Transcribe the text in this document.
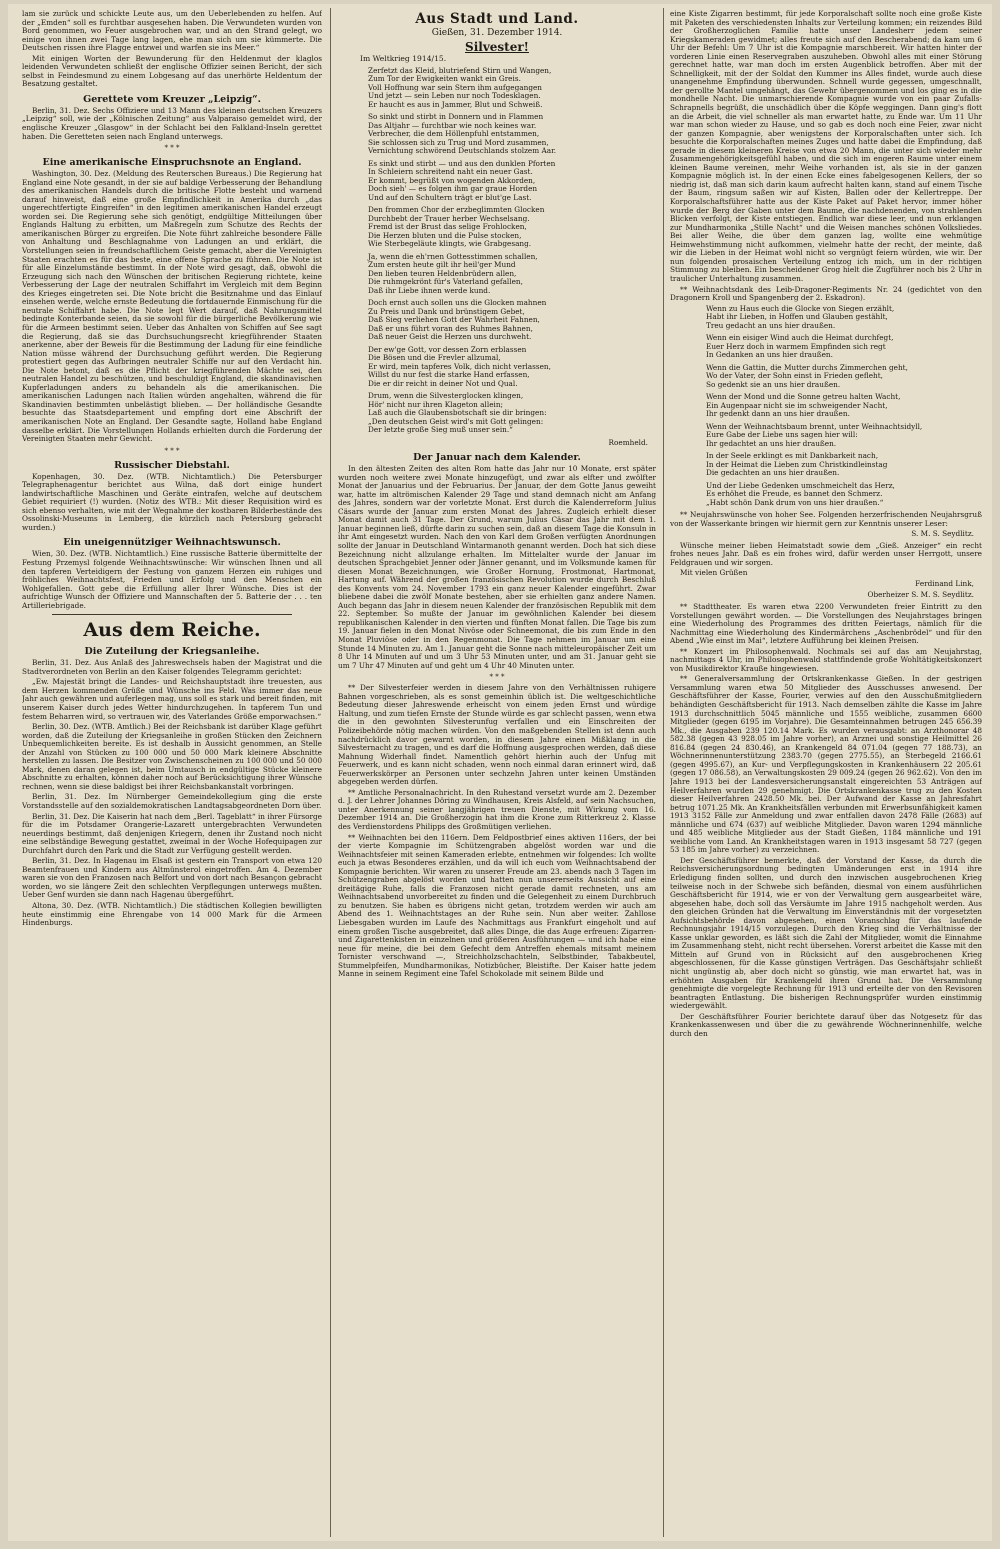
lam sie zurück und schickte Leute aus, um den Ueberlebenden zu helfen. Auf der „Emden“ soll es furchtbar ausgesehen haben. Die Verwundeten wurden von Bord genommen, wo Feuer ausgebrochen war, und an den Strand gelegt, wo einige von ihnen zwei Tage lang lagen, ehe man sich um sie kümmerte. Die Deutschen rissen ihre Flagge entzwei und warfen sie ins Meer.“

Mit einigen Worten der Bewunderung für den Heldenmut der klaglos leidenden Verwundeten schließt der englische Offizier seinen Bericht, der sich selbst in Feindesmund zu einem Lobgesang auf das unerhörte Heldentum der Besatzung gestaltet.

Gerettete vom Kreuzer „Leipzig“.

Berlin, 31. Dez. Sechs Offiziere und 13 Mann des kleinen deutschen Kreuzers „Leipzig“ soll, wie der „Kölnischen Zeitung“ aus Valparaiso gemeldet wird, der englische Kreuzer „Glasgow“ in der Schlacht bei den Falkland-Inseln gerettet haben. Die Geretteten seien nach England unterwegs.

* * *
Eine amerikanische Einspruchsnote an England.

Washington, 30. Dez. (Meldung des Reuterschen Bureaus.) Die Regierung hat England eine Note gesandt, in der sie auf baldige Verbesserung der Behandlung des amerikanischen Handels durch die britische Flotte besteht und warnend darauf hinweist, daß eine große Empfindlichkeit in Amerika durch „das ungerechtfertigte Eingreifen“ in den legitimen amerikanischen Handel erzeugt worden sei. Die Regierung sehe sich genötigt, endgültige Mitteilungen über Englands Haltung zu erbitten, um Maßregeln zum Schutze des Rechts der amerikanischen Bürger zu ergreifen. Die Note führt zahlreiche besondere Fälle von Anhaltung und Beschlagnahme von Ladungen an und erklärt, die Vorstellungen seien in freundschaftlichem Geiste gemacht, aber die Vereinigten Staaten erachten es für das beste, eine offene Sprache zu führen. Die Note ist für alle Einzelumstände bestimmt. In der Note wird gesagt, daß, obwohl die Erzeugung sich nach den Wünschen der britischen Regierung richtete, keine Verbesserung der Lage der neutralen Schiffahrt im Vergleich mit dem Beginn des Krieges eingetreten sei. Die Note bricht die Besitznahme und das Einlauf einsehen werde, welche ernste Bedeutung die fortdauernde Einmischung für die neutrale Schiffahrt habe. Die Note legt Wert darauf, daß Nahrungsmittel bedingte Konterbande seien, da sie sowohl für die bürgerliche Bevölkerung wie für die Armeen bestimmt seien. Ueber das Anhalten von Schiffen auf See sagt die Regierung, daß sie das Durchsuchungsrecht kriegführender Staaten anerkenne, aber der Beweis für die Bestimmung der Ladung für eine feindliche Nation müsse während der Durchsuchung geführt werden. Die Regierung protestiert gegen das Aufbringen neutraler Schiffe nur auf den Verdacht hin. Die Note betont, daß es die Pflicht der kriegführenden Mächte sei, den neutralen Handel zu beschützen, und beschuldigt England, die skandinavischen Kupferladungen anders zu behandeln als die amerikanischen. Die amerikanischen Ladungen nach Italien würden angehalten, während die für Skandinavien bestimmten unbelästigt blieben. — Der holländische Gesandte besuchte das Staatsdepartement und empfing dort eine Abschrift der amerikanischen Note an England. Der Gesandte sagte, Holland habe England dasselbe erklärt. Die Vorstellungen Hollands erhielten durch die Forderung der Vereinigten Staaten mehr Gewicht.

* * *
Russischer Diebstahl.

Kopenhagen, 30. Dez. (WTB. Nichtamtlich.) Die Petersburger Telegraphenagentur berichtet aus Wilna, daß dort einige hundert landwirtschaftliche Maschinen und Geräte eintrafen, welche auf deutschem Gebiet requiriert (!) wurden. (Notiz des WTB.: Mit dieser Requisition wird es sich ebenso verhalten, wie mit der Wegnahme der kostbaren Bilderbestände des Ossolinski-Museums in Lemberg, die kürzlich nach Petersburg gebracht wurden.)

Ein uneigennütziger Weihnachtswunsch.

Wien, 30. Dez. (WTB. Nichtamtlich.) Eine russische Batterie übermittelte der Festung Przemysl folgende Weihnachtswünsche: Wir wünschen Ihnen und all den tapferen Verteidigern der Festung von ganzem Herzen ein ruhiges und fröhliches Weihnachtsfest, Frieden und Erfolg und den Menschen ein Wohlgefallen. Gott gebe die Erfüllung aller Ihrer Wünsche. Dies ist der aufrichtige Wunsch der Offiziere und Mannschaften der 5. Batterie der . . . ten Artilleriebrigade.

Aus dem Reiche.
Die Zuteilung der Kriegsanleihe.

Berlin, 31. Dez. Aus Anlaß des Jahreswechsels haben der Magistrat und die Stadtverordneten von Berlin an den Kaiser folgendes Telegramm gerichtet:

„Ew. Majestät bringt die Landes- und Reichshauptstadt ihre treuesten, aus dem Herzen kommenden Grüße und Wünsche ins Feld. Was immer das neue Jahr auch gewähren und auferlegen mag, uns soll es stark und bereit finden, mit unserem Kaiser durch jedes Wetter hindurchzugehen. In tapferem Tun und festem Beharren wird, so vertrauen wir, des Vaterlandes Größe emporwachsen.“

Berlin, 30. Dez. (WTB. Amtlich.) Bei der Reichsbank ist darüber Klage geführt worden, daß die Zuteilung der Kriegsanleihe in großen Stücken den Zeichnern Unbequemlichkeiten bereite. Es ist deshalb in Aussicht genommen, an Stelle der Anzahl von Stücken zu 100 000 und 50 000 Mark kleinere Abschnitte herstellen zu lassen. Die Besitzer von Zwischenscheinen zu 100 000 und 50 000 Mark, denen daran gelegen ist, beim Umtausch in endgültige Stücke kleinere Abschnitte zu erhalten, können daher noch auf Berücksichtigung ihrer Wünsche rechnen, wenn sie diese baldigst bei ihrer Reichsbankanstalt vorbringen.

Berlin, 31. Dez. Im Nürnberger Gemeindekollegium ging die erste Vorstandsstelle auf den sozialdemokratischen Landtagsabgeordneten Dorn über.

Berlin, 31. Dez. Die Kaiserin hat nach dem „Berl. Tageblatt“ in ihrer Fürsorge für die im Potsdamer Orangerie-Lazarett untergebrachten Verwundeten neuerdings bestimmt, daß denjenigen Kriegern, denen ihr Zustand noch nicht eine selbständige Bewegung gestattet, zweimal in der Woche Hofequipagen zur Durchfahrt durch den Park und die Stadt zur Verfügung gestellt werden.

Berlin, 31. Dez. In Hagenau im Elsaß ist gestern ein Transport von etwa 120 Beamtenfrauen und Kindern aus Altmünsterol eingetroffen. Am 4. Dezember waren sie von den Franzosen nach Belfort und von dort nach Besançon gebracht worden, wo sie längere Zeit den schlechten Verpflegungen unterwegs mußten. Ueber Genf wurden sie dann nach Hagenau übergeführt.

Altona, 30. Dez. (WTB. Nichtamtlich.) Die städtischen Kollegien bewilligten heute einstimmig eine Ehrengabe von 14 000 Mark für die Armeen Hindenburgs.

Aus Stadt und Land.
Gießen, 31. Dezember 1914.
Silvester!
Im Weltkrieg 1914/15.
Zerfetzt das Kleid, blutriefend Stirn und Wangen,
Zum Tor der Ewigkeiten wankt ein Greis.
Voll Hoffnung war sein Stern ihm aufgegangen
Und jetzt — sein Leben nur noch Todesklagen.
Er haucht es aus in Jammer, Blut und Schweiß.
So sinkt und stirbt in Donnern und in Flammen
Das Altjahr — furchtbar wie noch keines war.
Verbrecher, die dem Höllenpfuhl entstammen,
Sie schlossen sich zu Trug und Mord zusammen,
Vernichtung schwörend Deutschlands stolzem Aar.
Es sinkt und stirbt — und aus den dunklen Pforten
In Schleiern schreitend naht ein neuer Gast.
Er kommt, begrüßt von wogenden Akkorden,
Doch sieh' — es folgen ihm gar graue Horden
Und auf den Schultern trägt er blut'ge Last.
Den frommen Chor der erzbeglimmten Glocken
Durchbebt der Trauer herber Wechselsang.
Fremd ist der Brust das selige Frohlocken,
Die Herzen bluten und die Pulse stocken,
Wie Sterbegeläute klingts, wie Grabgesang.
Ja, wenn die eh'rnen Gottesstimmen schallen,
Zum ersten heute gilt ihr heil'ger Mund
Den lieben teuren Heldenbrüdern allen,
Die ruhmgekrönt für's Vaterland gefallen,
Daß ihr Liebe ihnen werde kund.
Doch ernst auch sollen uns die Glocken mahnen
Zu Preis und Dank und brünstigem Gebet,
Daß Sieg verliehen Gott der Wahrheit Fahnen,
Daß er uns führt voran des Ruhmes Bahnen,
Daß neuer Geist die Herzen uns durchweht.
Der ew'ge Gott, vor dessen Zorn erblassen
Die Bösen und die Frevler allzumal,
Er wird, mein tapferes Volk, dich nicht verlassen,
Willst du nur fest die starke Hand erfassen,
Die er dir reicht in deiner Not und Qual.
Drum, wenn die Silvesterglocken klingen,
Hör' nicht nur ihren Klageton allein;
Laß auch die Glaubensbotschaft sie dir bringen:
„Den deutschen Geist wird's mit Gott gelingen:
Der letzte große Sieg muß unser sein.“
Roemheld.
Der Januar nach dem Kalender.

In den ältesten Zeiten des alten Rom hatte das Jahr nur 10 Monate, erst später wurden noch weitere zwei Monate hinzugefügt, und zwar als elfter und zwölfter Monat der Januarius und der Februarius. Der Januar, der dem Gotte Janus geweiht war, hatte im altrömischen Kalender 29 Tage und stand demnach nicht am Anfang des Jahres, sondern war der vorletzte Monat. Erst durch die Kalenderreform Julius Cäsars wurde der Januar zum ersten Monat des Jahres. Zugleich erhielt dieser Monat damit auch 31 Tage. Der Grund, warum Julius Cäsar das Jahr mit dem 1. Januar beginnen ließ, dürfte darin zu suchen sein, daß an diesem Tage die Konsuln in ihr Amt eingesetzt wurden. Nach den von Karl dem Großen verfügten Anordnungen sollte der Januar in Deutschland Wintarmanoth genannt werden. Doch hat sich diese Bezeichnung nicht allzulange erhalten. Im Mittelalter wurde der Januar im deutschen Sprachgebiet Jenner oder Jänner genannt, und im Volksmunde kamen für diesen Monat Bezeichnungen, wie Großer Hornung, Frostmonat, Hartmonat, Hartung auf. Während der großen französischen Revolution wurde durch Beschluß des Konvents vom 24. November 1793 ein ganz neuer Kalender eingeführt. Zwar bliebene dabei die zwölf Monate bestehen, aber sie erhielten ganz andere Namen. Auch begann das Jahr in diesem neuen Kalender der französischen Republik mit dem 22. September. So mußte der Januar im gewöhnlichen Kalender bei diesem republikanischen Kalender in den vierten und fünften Monat fallen. Die Tage bis zum 19. Januar fielen in den Monat Nivôse oder Schneemonat, die bis zum Ende in den Monat Pluviôse oder in den Regenmonat. Die Tage nehmen im Januar um eine Stunde 14 Minuten zu. Am 1. Januar geht die Sonne nach mitteleuropäischer Zeit um 8 Uhr 14 Minuten auf und um 3 Uhr 53 Minuten unter, und am 31. Januar geht sie um 7 Uhr 47 Minuten auf und geht um 4 Uhr 40 Minuten unter.

* * *

** Der Silvesterfeier werden in diesem Jahre von den Verhältnissen ruhigere Bahnen vorgeschrieben, als es sonst gemeinhin üblich ist. Die weltgeschichtliche Bedeutung dieser Jahreswende erheischt von einem jeden Ernst und würdige Haltung, und zum tiefen Ernste der Stunde würde es gar schlecht passen, wenn etwa die in den gewohnten Silvesterunfug verfallen und ein Einschreiten der Polizeibehörde nötig machen würden. Von den maßgebenden Stellen ist denn auch nachdrücklich davor gewarnt worden, in diesem Jahre einen Mißklang in die Silvesternacht zu tragen, und es darf die Hoffnung ausgesprochen werden, daß diese Mahnung Widerhall findet. Namentlich gehört hierhin auch der Unfug mit Feuerwerk, und es kann nicht schaden, wenn noch einmal daran erinnert wird, daß Feuerwerkskörper an Personen unter sechzehn Jahren unter keinen Umständen abgegeben werden dürfen.

** Amtliche Personalnachricht. In den Ruhestand versetzt wurde am 2. Dezember d. J. der Lehrer Johannes Döring zu Windhausen, Kreis Alsfeld, auf sein Nachsuchen, unter Anerkennung seiner langjährigen treuen Dienste, mit Wirkung vom 16. Dezember 1914 an. Die Großherzogin hat ihm die Krone zum Ritterkreuz 2. Klasse des Verdienstordens Philipps des Großmütigen verliehen.

** Weihnachten bei den 116ern. Dem Feldpostbrief eines aktiven 116ers, der bei der vierte Kompagnie im Schützengraben abgelöst worden war und die Weihnachtsfeier mit seinen Kameraden erlebte, entnehmen wir folgendes: Ich wollte euch ja etwas Besonderes erzählen, und da will ich euch vom Weihnachtsabend der Kompagnie berichten. Wir waren zu unserer Freude am 23. abends nach 3 Tagen im Schützengraben abgelöst worden und hatten nun unsererseits Aussicht auf eine dreitägige Ruhe, falls die Franzosen nicht gerade damit rechneten, uns am Weihnachtsabend unvorbereitet zu finden und die Gelegenheit zu einem Durchbruch zu benutzen. Sie haben es übrigens nicht getan, trotzdem werden wir auch am Abend des 1. Weihnachtstages an der Ruhe sein. Nun aber weiter. Zahllose Liebesgaben wurden im Laufe des Nachmittags aus Frankfurt eingeholt und auf einem großen Tische ausgebreitet, daß alles Dinge, die das Auge erfreuen: Zigarren- und Zigarettenkisten in einzelnen und größeren Ausführungen — und ich habe eine neue für meine, die bei dem Gefecht dem Antreffen ehemals mitsamt meinem Tornister verschwand —, Streichholzschachteln, Selbstbinder, Tabakbeutel, Stummelpfeifen, Mundharmonikas, Notizbücher, Bleistifte. Der Kaiser hatte jedem Manne in seinem Regiment eine Tafel Schokolade mit seinem Bilde und

eine Kiste Zigarren bestimmt, für jede Korporalschaft sollte noch eine große Kiste mit Paketen des verschiedensten Inhalts zur Verteilung kommen; ein reizendes Bild der Großherzoglichen Familie hatte unser Landesherr jedem seiner Kriegskameraden gewidmet; alles freute sich auf den Bescherabend; da kam um 6 Uhr der Befehl: Um 7 Uhr ist die Kompagnie marschbereit. Wir hatten hinter der vorderen Linie einen Reservegraben auszuheben. Obwohl alles mit einer Störung gerechnet hatte, war man doch im ersten Augenblick betroffen. Aber mit der Schnelligkeit, mit der der Soldat den Kummer ins Alles findet, wurde auch diese unangenehme Empfindung überwunden. Schnell wurde gegessen, umgeschnallt, der gerollte Mantel umgehängt, das Gewehr übergenommen und los ging es in die mondhelle Nacht. Die unmarschierende Kompagnie wurde von ein paar Zufalls-Schrapnells begrüßt, die unschädlich über die Köpfe weggingen. Dann ging's flott an die Arbeit, die viel schneller als man erwartet hatte, zu Ende war. Um 11 Uhr war man schon wieder zu Hause, und so gab es doch noch eine Feier, zwar nicht der ganzen Kompagnie, aber wenigstens der Korporalschaften unter sich. Ich besuchte die Korporalschaften meines Zuges und hatte dabei die Empfindung, daß gerade in diesem kleineren Kreise von etwa 20 Mann, die unter sich wieder mehr Zusammengehörigkeitsgefühl haben, und die sich im engeren Raume unter einem kleinen Baume vereinen, mehr Weihe vorhanden ist, als sie in der ganzen Kompagnie möglich ist. In der einen Ecke eines fabelgesogenen Kellers, der so niedrig ist, daß man sich darin kaum aufrecht halten kann, stand auf einem Tische der Baum, ringsum saßen wir auf Kisten, Ballen oder der Kellertreppe. Der Korporalschaftsführer hatte aus der Kiste Paket auf Paket hervor, immer höher wurde der Berg der Gaben unter dem Baume, die nachdenenden, von strahlenden Blicken verfolgt, der Kiste entstiegen. Endlich war diese leer, und nun erklangen zur Mundharmonika „Stille Nacht“ und die Weisen manches schönen Volksliedes. Bei aller Weihe, die über dem ganzen lag, wollte eine wehmütige Heimwehstimmung nicht aufkommen, vielmehr hatte der recht, der meinte, daß wir die Lieben in der Heimat wohl nicht so vergnügt feiern würden, wie wir. Der nun folgenden prosaischen Verteilung entzog ich mich, um in der richtigen Stimmung zu bleiben. Ein bescheidener Grog hielt die Zugführer noch bis 2 Uhr in traulicher Unterhaltung zusammen.

** Weihnachtsdank des Leib-Dragoner-Regiments Nr. 24 (gedichtet von den Dragonern Kroll und Spangenberg der 2. Eskadron).

Wenn zu Haus euch die Glocke von Siegen erzählt,
Habt ihr Lieben, in Hoffen und Glauben gestählt,
Treu gedacht an uns hier draußen.
Wenn ein eisiger Wind auch die Heimat durchfegt,
Euer Herz doch in warmem Empfinden sich regt
In Gedanken an uns hier draußen.
Wenn die Gattin, die Mutter durchs Zimmerchen geht,
Wo der Vater, der Sohn einst in Frieden gefleht,
So gedenkt sie an uns hier draußen.
Wenn der Mond und die Sonne getreu halten Wacht,
Ein Augenpaar nicht sie im schweigender Nacht,
Ihr gedenkt dann an uns hier draußen.
Wenn der Weihnachtsbaum brennt, unter Weihnachtsidyll,
Eure Gabe der Liebe uns sagen hier will:
Ihr gedachtet an uns hier draußen.
In der Seele erklingt es mit Dankbarkeit nach,
In der Heimat die Lieben zum Christkindleinstag
Die gedachten an uns hier draußen.
Und der Liebe Gedenken umschmeichelt das Herz,
Es erhöhet die Freude, es bannet den Schmerz.
„Habt schön Dank drum von uns hier draußen.“

** Neujahrswünsche von hoher See. Folgenden herzerfrischenden Neujahrsgruß von der Wasserkante bringen wir hiermit gern zur Kenntnis unserer Leser:

S. M. S. Seydlitz.

Wünsche meiner lieben Heimatstadt sowie dem „Gieß. Anzeiger“ ein recht frohes neues Jahr. Daß es ein frohes wird, dafür werden unser Herrgott, unsere Feldgrauen und wir sorgen.

Mit vielen Grüßen

Ferdinand Link,
Oberheizer S. M. S. Seydlitz.

** Stadttheater. Es waren etwa 2200 Verwundeten freier Eintritt zu den Vorstellungen gewährt worden. — Die Vorstellungen des Neujahrstages bringen eine Wiederholung des Programmes des dritten Feiertags, nämlich für die Nachmittag eine Wiederholung des Kindermärchens „Aschenbrödel“ und für den Abend „Wie einst im Mai“, letztere Aufführung bei kleinen Preisen.

** Konzert im Philosophenwald. Nochmals sei auf das am Neujahrstag, nachmittags 4 Uhr, im Philosophenwald stattfindende große Wohltätigkeitskonzert von Musikdirektor Krauße hingewiesen.

** Generalversammlung der Ortskrankenkasse Gießen. In der gestrigen Versammlung waren etwa 50 Mitglieder des Ausschusses anwesend. Der Geschäftsführer der Kasse, Fourier, verwies auf den den Ausschußmitgliedern behändigten Geschäftsbericht für 1913. Nach demselben zählte die Kasse im Jahre 1913 durchschnittlich 5045 männliche und 1555 weibliche, zusammen 6600 Mitglieder (gegen 6195 im Vorjahre). Die Gesamteinnahmen betrugen 245 656.39 Mk., die Ausgaben 239 120.14 Mark. Es wurden verausgabt: an Arzthonorar 48 582.38 (gegen 43 928.05 im Jahre vorher), an Arznei und sonstige Heilmittel 26 816.84 (gegen 24 830.46), an Krankengeld 84 071.04 (gegen 77 188.73), an Wöchnerinnenunterstützung 2383.70 (gegen 2775.55), an Sterbegeld 2166.61 (gegen 4995.67), an Kur- und Verpflegungskosten in Krankenhäusern 22 205.61 (gegen 17 086.58), an Verwaltungskosten 29 009.24 (gegen 26 962.62). Von den im Jahre 1913 bei der Landesversicherungsanstalt eingereichten 53 Anträgen auf Heilverfahren wurden 29 genehmigt. Die Ortskrankenkasse trug zu den Kosten dieser Heilverfahren 2428.50 Mk. bei. Der Aufwand der Kasse an Jahresfahrt betrug 1071.25 Mk. An Krankheitsfällen verbunden mit Erwerbsunfähigkeit kamen 1913 3152 Fälle zur Anmeldung und zwar entfallen davon 2478 Fälle (2683) auf männliche und 674 (637) auf weibliche Mitglieder. Davon waren 1294 männliche und 485 weibliche Mitglieder aus der Stadt Gießen, 1184 männliche und 191 weibliche vom Land. An Krankheitstagen waren in 1913 insgesamt 58 727 (gegen 53 185 im Jahre vorher) zu verzeichnen.

Der Geschäftsführer bemerkte, daß der Vorstand der Kasse, da durch die Reichsversicherungsordnung bedingten Umänderungen erst in 1914 ihre Erledigung finden sollten, und durch den inzwischen ausgebrochenen Krieg teilweise noch in der Schwebe sich befänden, diesmal von einem ausführlichen Geschäftsbericht für 1914, wie er von der Verwaltung gern ausgearbeitet wäre, abgesehen habe, doch soll das Versäumte im Jahre 1915 nachgeholt werden. Aus den gleichen Gründen hat die Verwaltung im Einverständnis mit der vorgesetzten Aufsichtsbehörde davon abgesehen, einen Voranschlag für das laufende Rechnungsjahr 1914/15 vorzulegen. Durch den Krieg sind die Verhältnisse der Kasse unklar geworden, es läßt sich die Zahl der Mitglieder, womit die Einnahme im Zusammenhang steht, nicht recht übersehen. Vorerst arbeitet die Kasse mit den Mitteln auf Grund von in Rücksicht auf den ausgebrochenen Krieg abgeschlossenen, für die Kasse günstigen Verträgen. Das Geschäftsjahr schließt nicht ungünstig ab, aber doch nicht so günstig, wie man erwartet hat, was in erhöhten Ausgaben für Krankengeld ihren Grund hat. Die Versammlung genehmigte die vorgelegte Rechnung für 1913 und erteilte der von den Revisoren beantragten Entlastung. Die bisherigen Rechnungsprüfer wurden einstimmig wiedergewählt.

Der Geschäftsführer Fourier berichtete darauf über das Notgesetz für das Krankenkassenwesen und über die zu gewährende Wöchnerinnenhilfe, welche durch den
